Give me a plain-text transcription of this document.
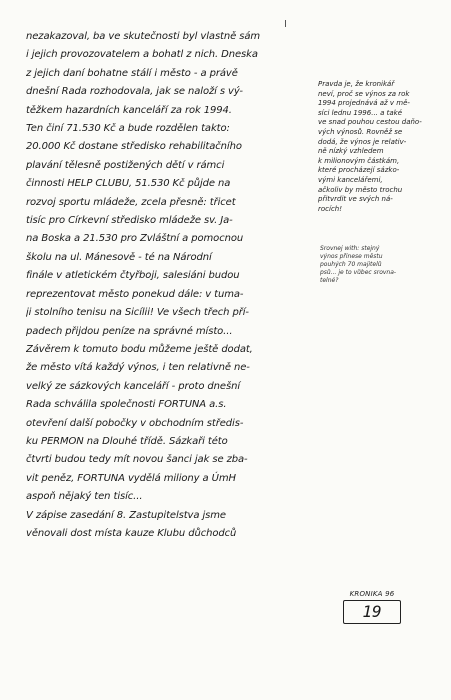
nezakazoval, ba ve skutečnosti byl vlastně sám

i jejich provozovatelem a bohatl z nich. Dneska

z jejich daní bohatne stálí i město - a právě

dnešní Rada rozhodovala, jak se naloží s vý-

těžkem hazardních kanceláří za rok 1994.

Ten činí 71.530 Kč a bude rozdělen takto:

20.000 Kč dostane středisko rehabilitačního

plavání tělesně postižených dětí v rámci

činnosti HELP CLUBU, 51.530 Kč půjde na

rozvoj sportu mládeže, zcela přesně: třicet

tisíc pro Církevní středisko mládeže sv. Ja-

na Boska a 21.530 pro Zvláštní a pomocnou

školu na ul. Mánesově - té na Národní

finále v atletickém čtyřboji, salesiáni budou

reprezentovat město ponekud dále: v tuma-

ji stolního tenisu na Sicílii! Ve všech třech pří-

padech přijdou peníze na správné místo...

Závěrem k tomuto bodu můžeme ještě dodat,

že město vítá každý výnos, i ten relativně ne-

velký ze sázkových kanceláří - proto dnešní

Rada schválila společnosti FORTUNA a.s.

otevření další pobočky v obchodním středis-

ku PERMON na Dlouhé třídě. Sázkaři této

čtvrti budou tedy mít novou šanci jak se zba-

vit peněz, FORTUNA vydělá miliony a ÚmH

aspoň nějaký ten tisíc...

V zápise zasedání 8. Zastupitelstva jsme

věnovali dost místa kauze Klubu důchodců

Pravda je, že kronikář

neví, proč se výnos za rok

1994 projednává až v mě-

síci lednu 1996... a také

ve snad pouhou cestou daňo-

vých výnosů. Rovněž se

dodá, že výnos je relativ-

ně nízký vzhledem

k milionovým částkám,

které procházejí sázko-

vými kancelářemi,

ačkoliv by město trochu

přitvrdit ve svých ná-

rocích!

Srovnej with: stejný

výnos přinese městu

pouhých 70 majitelů

psů... je to vůbec srovna-

telné?

KRONIKA 96
19
